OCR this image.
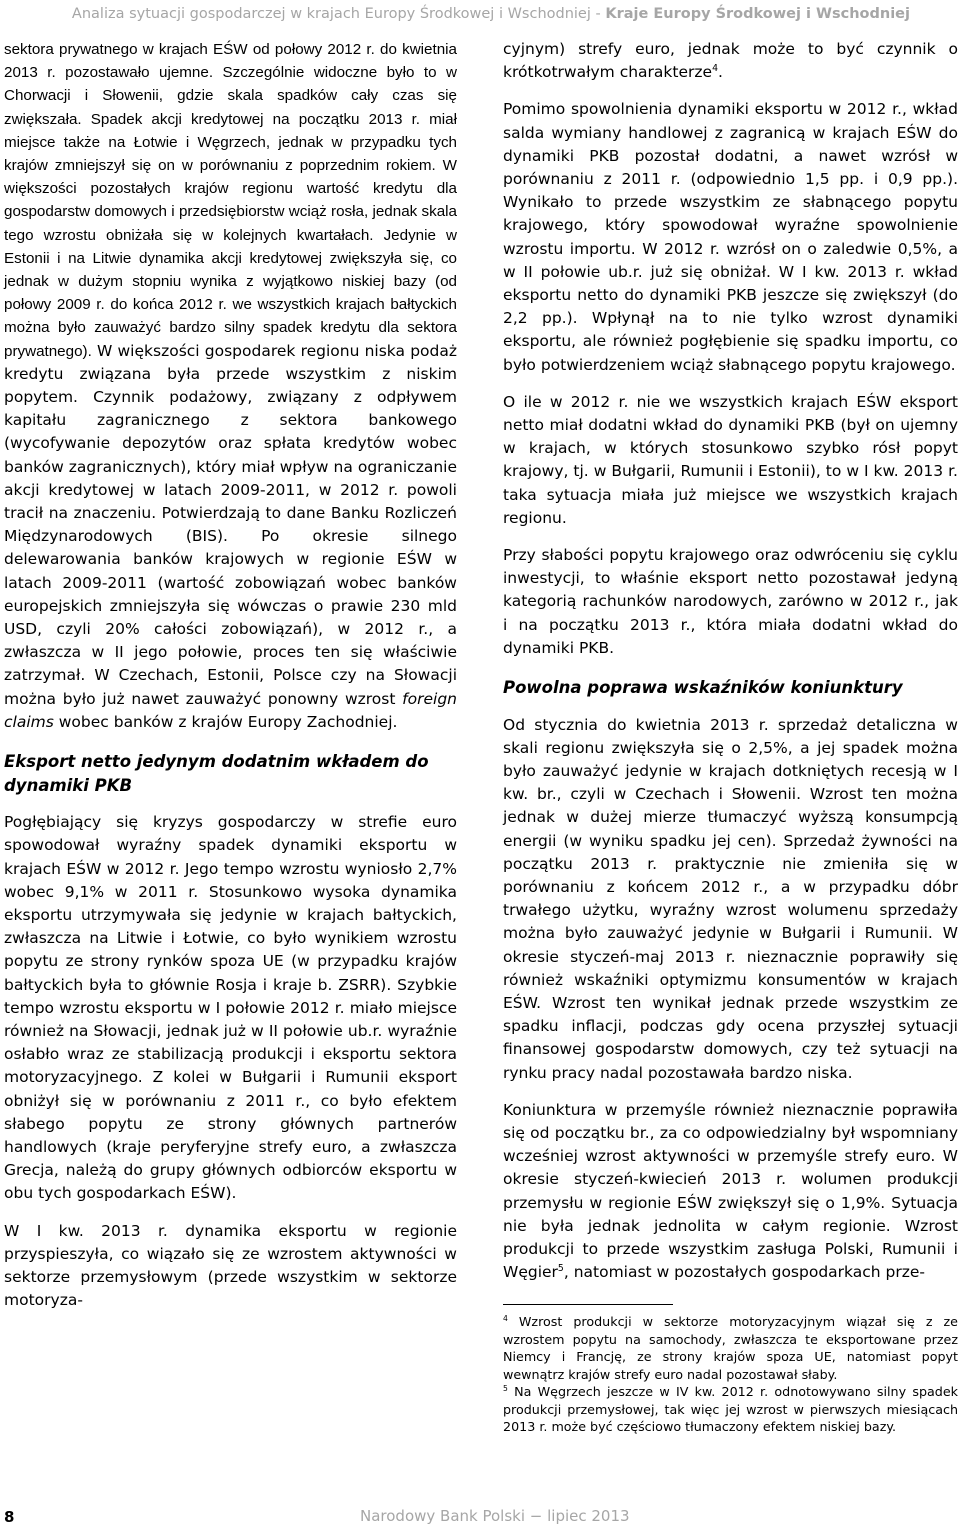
Analiza sytuacji gospodarczej w krajach Europy Środkowej i Wschodniej - Kraje Europy Środkowej i Wschodniej

sektora prywatnego w krajach EŚW od połowy 2012 r. do kwietnia 2013 r. pozostawało ujemne. Szczególnie widoczne było to w Chorwacji i Słowenii, gdzie skala spadków cały czas się zwiększała. Spadek akcji kredytowej na początku 2013 r. miał miejsce także na Łotwie i Węgrzech, jednak w przypadku tych krajów zmniejszył się on w porównaniu z poprzednim rokiem. W większości pozostałych krajów regionu wartość kredytu dla gospodarstw domowych i przedsiębiorstw wciąż rosła, jednak skala tego wzrostu obniżała się w kolejnych kwartałach. Jedynie w Estonii i na Litwie dynamika akcji kredytowej zwiększyła się, co jednak w dużym stopniu wynika z wyjątkowo niskiej bazy (od połowy 2009 r. do końca 2012 r. we wszystkich krajach bałtyckich można było zauważyć bardzo silny spadek kredytu dla sektora prywatnego). W większości gospodarek regionu niska podaż kredytu związana była przede wszystkim z niskim popytem. Czynnik podażowy, związany z odpływem kapitału zagranicznego z sektora bankowego (wycofywanie depozytów oraz spłata kredytów wobec banków zagranicznych), który miał wpływ na ograniczanie akcji kredytowej w latach 2009-2011, w 2012 r. powoli tracił na znaczeniu. Potwierdzają to dane Banku Rozliczeń Międzynarodowych (BIS). Po okresie silnego delewarowania banków krajowych w regionie EŚW w latach 2009-2011 (wartość zobowiązań wobec banków europejskich zmniejszyła się wówczas o prawie 230 mld USD, czyli 20% całości zobowiązań), w 2012 r., a zwłaszcza w II jego połowie, proces ten się właściwie zatrzymał. W Czechach, Estonii, Polsce czy na Słowacji można było już nawet zauważyć ponowny wzrost foreign claims wobec banków z krajów Europy Zachodniej.

Eksport netto jedynym dodatnim wkładem do dynamiki PKB

Pogłębiający się kryzys gospodarczy w strefie euro spowodował wyraźny spadek dynamiki eksportu w krajach EŚW w 2012 r. Jego tempo wzrostu wyniosło 2,7% wobec 9,1% w 2011 r. Stosunkowo wysoka dynamika eksportu utrzymywała się jedynie w krajach bałtyckich, zwłaszcza na Litwie i Łotwie, co było wynikiem wzrostu popytu ze strony rynków spoza UE (w przypadku krajów bałtyckich była to głównie Rosja i kraje b. ZSRR). Szybkie tempo wzrostu eksportu w I połowie 2012 r. miało miejsce również na Słowacji, jednak już w II połowie ub.r. wyraźnie osłabło wraz ze stabilizacją produkcji i eksportu sektora motoryzacyjnego. Z kolei w Bułgarii i Rumunii eksport obniżył się w porównaniu z 2011 r., co było efektem słabego popytu ze strony głównych partnerów handlowych (kraje peryferyjne strefy euro, a zwłaszcza Grecja, należą do grupy głównych odbiorców eksportu w obu tych gospodarkach EŚW).

W I kw. 2013 r. dynamika eksportu w regionie przyspieszyła, co wiązało się ze wzrostem aktywności w sektorze przemysłowym (przede wszystkim w sektorze motoryza-

cyjnym) strefy euro, jednak może to być czynnik o krótkotrwałym charakterze$^4$.

Pomimo spowolnienia dynamiki eksportu w 2012 r., wkład salda wymiany handlowej z zagranicą w krajach EŚW do dynamiki PKB pozostał dodatni, a nawet wzrósł w porównaniu z 2011 r. (odpowiednio 1,5 pp. i 0,9 pp.). Wynikało to przede wszystkim ze słabnącego popytu krajowego, który spowodował wyraźne spowolnienie wzrostu importu. W 2012 r. wzrósł on o zaledwie 0,5%, a w II połowie ub.r. już się obniżał. W I kw. 2013 r. wkład eksportu netto do dynamiki PKB jeszcze się zwiększył (do 2,2 pp.). Wpłynął na to nie tylko wzrost dynamiki eksportu, ale również pogłębienie się spadku importu, co było potwierdzeniem wciąż słabnącego popytu krajowego.

O ile w 2012 r. nie we wszystkich krajach EŚW eksport netto miał dodatni wkład do dynamiki PKB (był on ujemny w krajach, w których stosunkowo szybko rósł popyt krajowy, tj. w Bułgarii, Rumunii i Estonii), to w I kw. 2013 r. taka sytuacja miała już miejsce we wszystkich krajach regionu.

Przy słabości popytu krajowego oraz odwróceniu się cyklu inwestycji, to właśnie eksport netto pozostawał jedyną kategorią rachunków narodowych, zarówno w 2012 r., jak i na początku 2013 r., która miała dodatni wkład do dynamiki PKB.

Powolna poprawa wskaźników koniunktury

Od stycznia do kwietnia 2013 r. sprzedaż detaliczna w skali regionu zwiększyła się o 2,5%, a jej spadek można było zauważyć jedynie w krajach dotkniętych recesją w I kw. br., czyli w Czechach i Słowenii. Wzrost ten można jednak w dużej mierze tłumaczyć wyższą konsumpcją energii (w wyniku spadku jej cen). Sprzedaż żywności na początku 2013 r. praktycznie nie zmieniła się w porównaniu z końcem 2012 r., a w przypadku dóbr trwałego użytku, wyraźny wzrost wolumenu sprzedaży można było zauważyć jedynie w Bułgarii i Rumunii. W okresie styczeń-maj 2013 r. nieznacznie poprawiły się również wskaźniki optymizmu konsumentów w krajach EŚW. Wzrost ten wynikał jednak przede wszystkim ze spadku inflacji, podczas gdy ocena przyszłej sytuacji finansowej gospodarstw domowych, czy też sytuacji na rynku pracy nadal pozostawała bardzo niska.

Koniunktura w przemyśle również nieznacznie poprawiła się od początku br., za co odpowiedzialny był wspomniany wcześniej wzrost aktywności w przemyśle strefy euro. W okresie styczeń-kwiecień 2013 r. wolumen produkcji przemysłu w regionie EŚW zwiększył się o 1,9%. Sytuacja nie była jednak jednolita w całym regionie. Wzrost produkcji to przede wszystkim zasługa Polski, Rumunii i Węgier$^5$, natomiast w pozostałych gospodarkach prze-

$^4$ Wzrost produkcji w sektorze motoryzacyjnym wiązał się z ze wzrostem popytu na samochody, zwłaszcza te eksportowane przez Niemcy i Francję, ze strony krajów spoza UE, natomiast popyt wewnątrz krajów strefy euro nadal pozostawał słaby.

$^5$ Na Węgrzech jeszcze w IV kw. 2012 r. odnotowywano silny spadek produkcji przemysłowej, tak więc jej wzrost w pierwszych miesiącach 2013 r. może być częściowo tłumaczony efektem niskiej bazy.

8	Narodowy Bank Polski − lipiec 2013
